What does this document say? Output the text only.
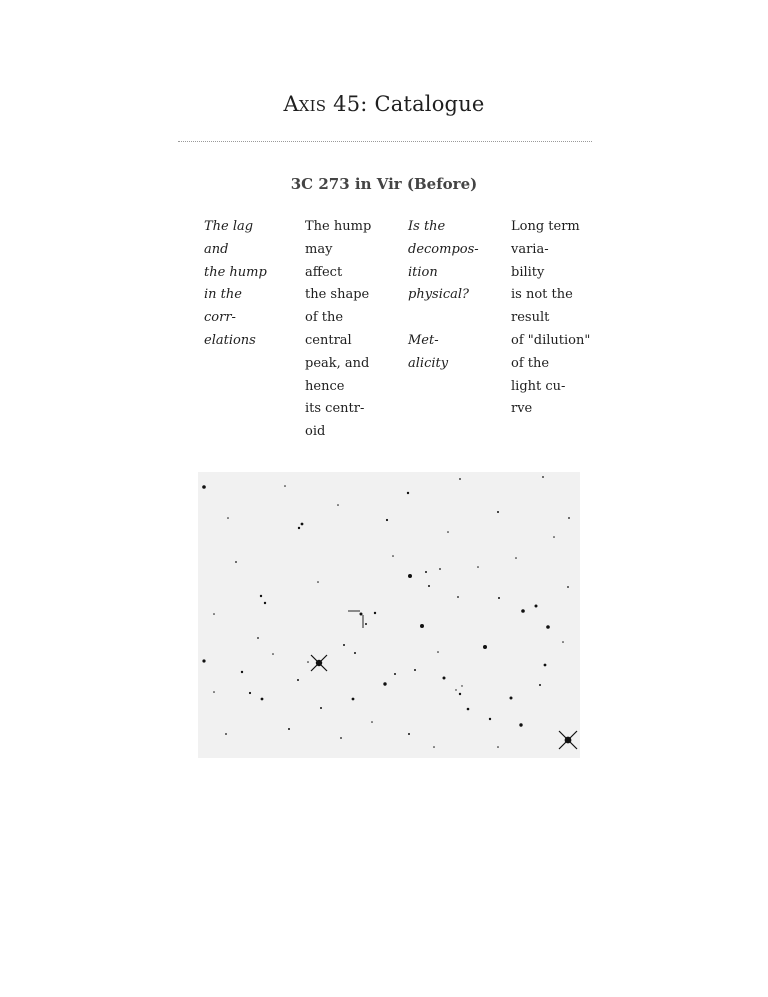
Axis 45: Catalogue
3C 273 in Vir (Before)
The lag
and
the hump
in the
corr-
elations
The hump
may
affect
the shape
of the
central
peak, and
hence
its centr-
oid
Is the
decompos-
ition
physical?
Met-
alicity
Long term
varia-
bility
is not the
result
of "dilution"
of the
light cu-
rve
